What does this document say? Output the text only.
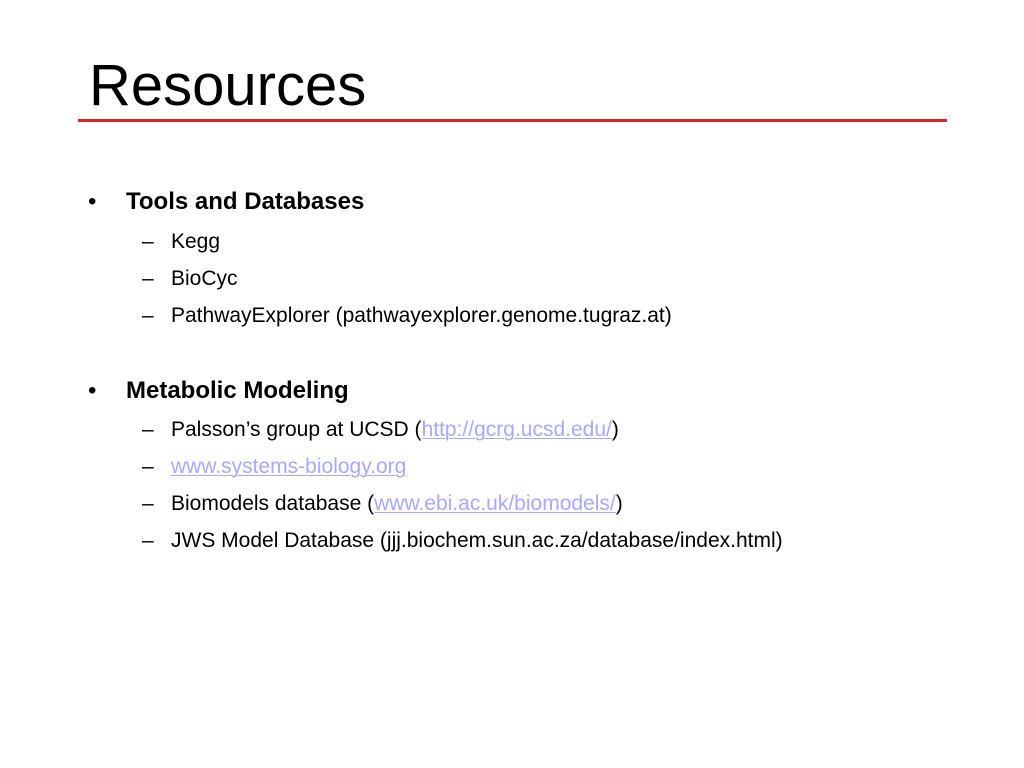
Resources
• Tools and Databases
– Kegg
– BioCyc
– PathwayExplorer (pathwayexplorer.genome.tugraz.at)
• Metabolic Modeling
– Palsson’s group at UCSD (http://gcrg.ucsd.edu/)
– www.systems-biology.org
– Biomodels database (www.ebi.ac.uk/biomodels/)
– JWS Model Database (jjj.biochem.sun.ac.za/database/index.html)
